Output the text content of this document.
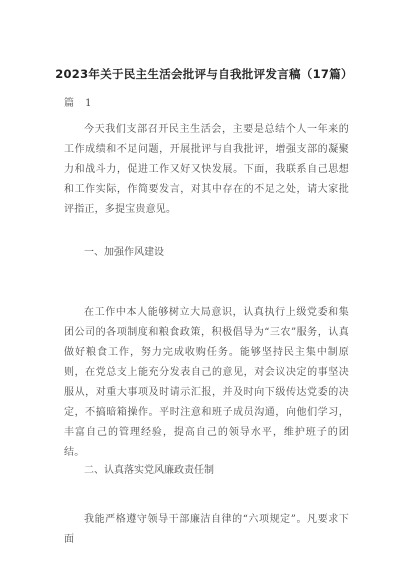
2023年关于民主生活会批评与自我批评发言稿（17篇）
篇 1
今天我们支部召开民主生活会，主要是总结个人一年来的工作成绩和不足问题，开展批评与自我批评，增强支部的凝聚力和战斗力，促进工作又好又快发展。下面，我联系自己思想和工作实际，作简要发言，对其中存在的不足之处，请大家批评指正，多提宝贵意见。
一、加强作风建设
在工作中本人能够树立大局意识，认真执行上级党委和集团公司的各项制度和粮食政策，积极倡导为“三农”服务，认真做好粮食工作，努力完成收购任务。能够坚持民主集中制原则，在党总支上能充分发表自己的意见，对会议决定的事坚决服从，对重大事项及时请示汇报，并及时向下级传达党委的决定，不搞暗箱操作。平时注意和班子成员沟通，向他们学习，丰富自己的管理经验，提高自己的领导水平，维护班子的团结。
二、认真落实党风廉政责任制
我能严格遵守领导干部廉洁自律的“六项规定”。凡要求下面
